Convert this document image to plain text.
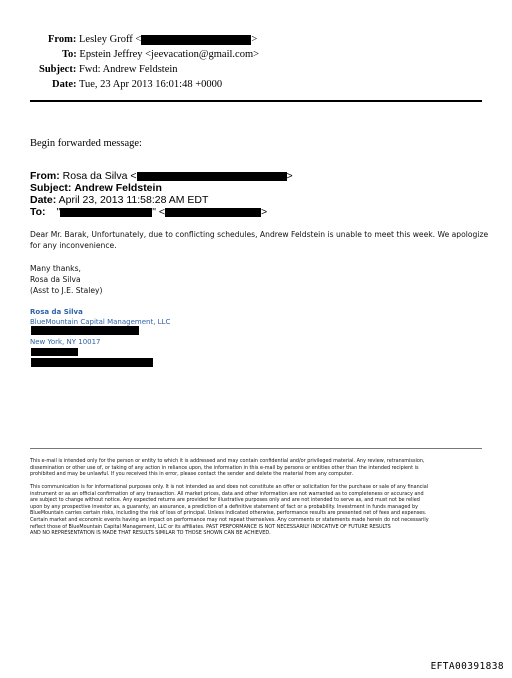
From: Lesley Groff <	>
To: Epstein Jeffrey <jeevacation@gmail.com>
Subject: Fwd: Andrew Feldstein
Date: Tue, 23 Apr 2013 16:01:48 +0000
Begin forwarded message:
From: Rosa da Silva <	>
Subject: Andrew Feldstein
Date: April 23, 2013 11:58:28 AM EDT
To: "	" <	>
Dear Mr. Barak, Unfortunately, due to conflicting schedules, Andrew Feldstein is unable to meet this week. We apologize
for any inconvenience.
Many thanks,
Rosa da Silva
(Asst to J.E. Staley)
Rosa da Silva
BlueMountain Capital Management, LLC
New York, NY 10017
This e-mail is intended only for the person or entity to which it is addressed and may contain confidential and/or privileged material. Any review, retransmission,
dissemination or other use of, or taking of any action in reliance upon, the information in this e-mail by persons or entities other than the intended recipient is
prohibited and may be unlawful. If you received this in error, please contact the sender and delete the material from any computer.
This communication is for informational purposes only. It is not intended as and does not constitute an offer or solicitation for the purchase or sale of any financial
instrument or as an official confirmation of any transaction. All market prices, data and other information are not warranted as to completeness or accuracy and
are subject to change without notice. Any expected returns are provided for illustrative purposes only and are not intended to serve as, and must not be relied
upon by any prospective investor as, a guaranty, an assurance, a prediction of a definitive statement of fact or a probability. Investment in funds managed by
BlueMountain carries certain risks, including the risk of loss of principal. Unless indicated otherwise, performance results are presented net of fees and expenses.
Certain market and economic events having an impact on performance may not repeat themselves. Any comments or statements made herein do not necessarily
reflect those of BlueMountain Capital Management, LLC or its affiliates. PAST PERFORMANCE IS NOT NECESSARILY INDICATIVE OF FUTURE RESULTS
AND NO REPRESENTATION IS MADE THAT RESULTS SIMILAR TO THOSE SHOWN CAN BE ACHIEVED.
EFTA00391838
